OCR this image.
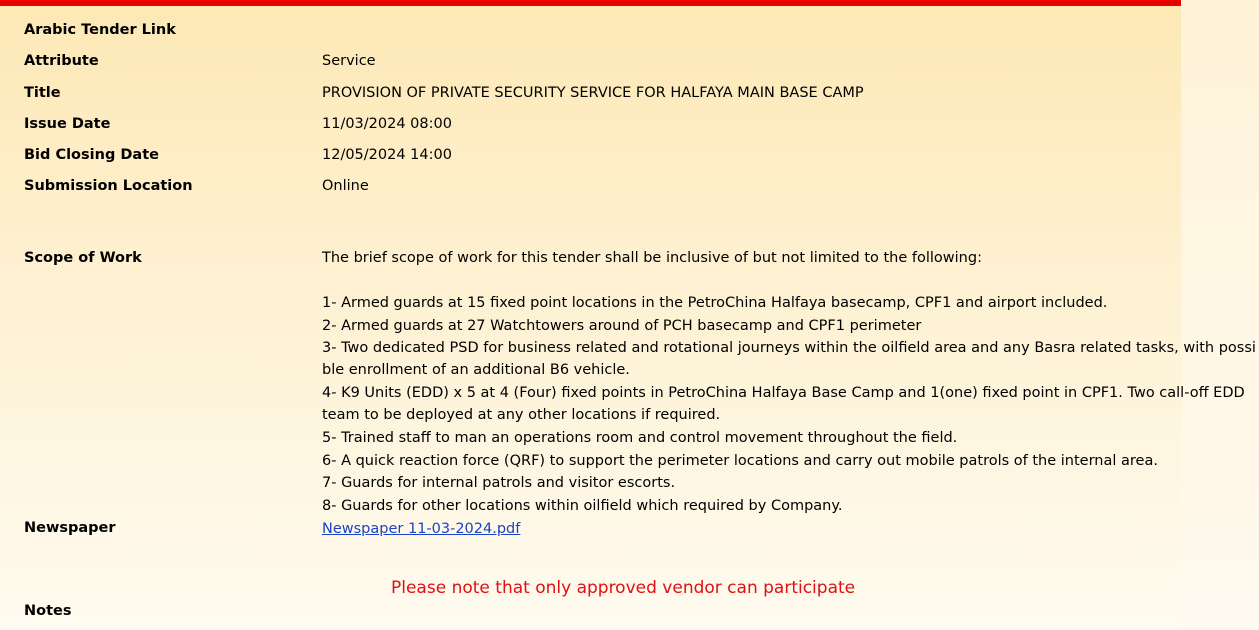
Arabic Tender Link
Attribute	Service
Title	PROVISION OF PRIVATE SECURITY SERVICE FOR HALFAYA MAIN BASE CAMP
Issue Date	11/03/2024 08:00
Bid Closing Date	12/05/2024 14:00
Submission Location	Online
Scope of Work	The brief scope of work for this tender shall be inclusive of but not limited to the following:
1- Armed guards at 15 fixed point locations in the PetroChina Halfaya basecamp, CPF1 and airport included.
2- Armed guards at 27 Watchtowers around of PCH basecamp and CPF1 perimeter
3- Two dedicated PSD for business related and rotational journeys within the oilfield area and any Basra related tasks, with possi
ble enrollment of an additional B6 vehicle.
4- K9 Units (EDD) x 5 at 4 (Four) fixed points in PetroChina Halfaya Base Camp and 1(one) fixed point in CPF1. Two call-off EDD
team to be deployed at any other locations if required.
5- Trained staff to man an operations room and control movement throughout the field.
6- A quick reaction force (QRF) to support the perimeter locations and carry out mobile patrols of the internal area.
7- Guards for internal patrols and visitor escorts.
8- Guards for other locations within oilfield which required by Company.
Newspaper	Newspaper 11-03-2024.pdf
Please note that only approved vendor can participate
Notes
